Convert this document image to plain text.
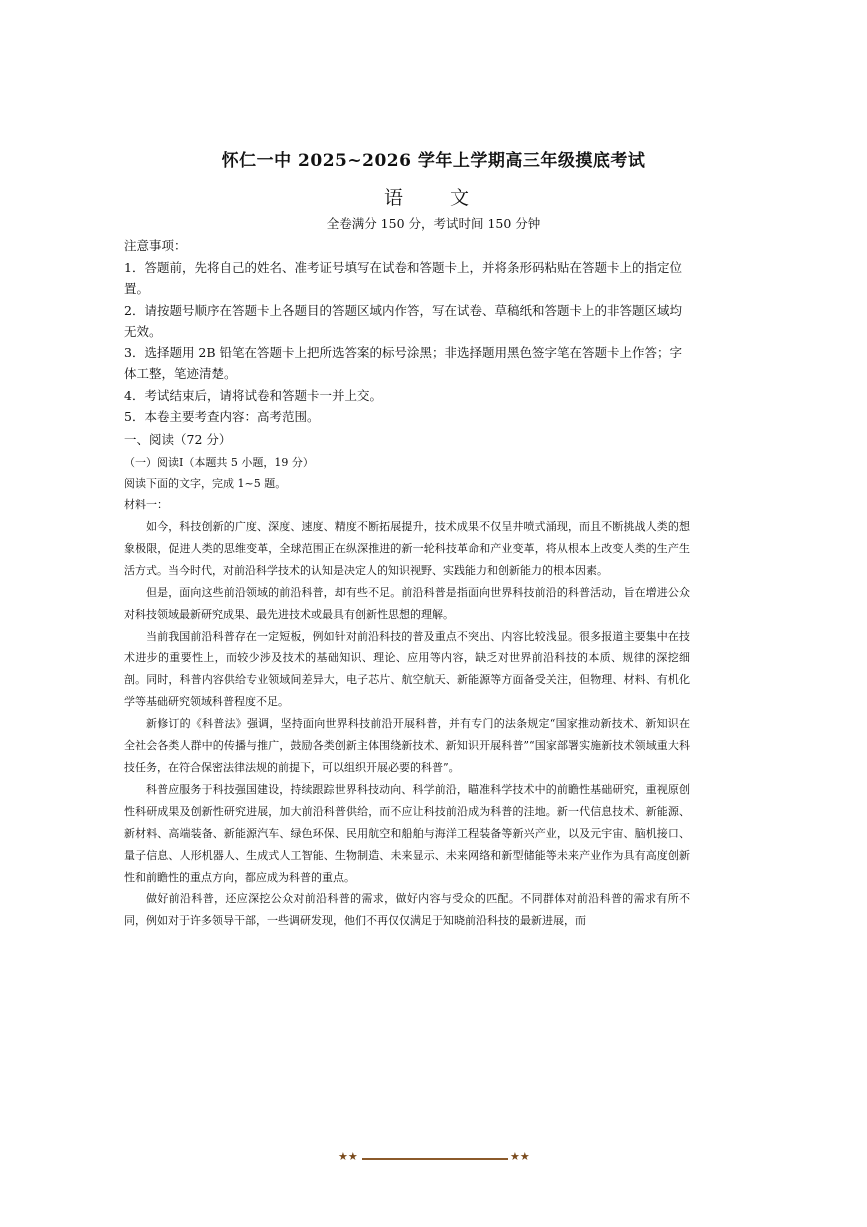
怀仁一中 2025~2026 学年上学期高三年级摸底考试
语　文
全卷满分 150 分，考试时间 150 分钟
注意事项：

1．答题前，先将自己的姓名、准考证号填写在试卷和答题卡上，并将条形码粘贴在答题卡上的指定位置。

2．请按题号顺序在答题卡上各题目的答题区域内作答，写在试卷、草稿纸和答题卡上的非答题区域均无效。

3．选择题用 2B 铅笔在答题卡上把所选答案的标号涂黑；非选择题用黑色签字笔在答题卡上作答；字体工整，笔迹清楚。

4．考试结束后，请将试卷和答题卡一并上交。

5．本卷主要考查内容：高考范围。

一、阅读（72 分）
（一）阅读Ⅰ（本题共 5 小题，19 分）
阅读下面的文字，完成 1~5 题。
材料一：

如今，科技创新的广度、深度、速度、精度不断拓展提升，技术成果不仅呈井喷式涌现，而且不断挑战人类的想象极限，促进人类的思维变革，全球范围正在纵深推进的新一轮科技革命和产业变革，将从根本上改变人类的生产生活方式。当今时代，对前沿科学技术的认知是决定人的知识视野、实践能力和创新能力的根本因素。

但是，面向这些前沿领域的前沿科普，却有些不足。前沿科普是指面向世界科技前沿的科普活动，旨在增进公众对科技领域最新研究成果、最先进技术或最具有创新性思想的理解。

当前我国前沿科普存在一定短板，例如针对前沿科技的普及重点不突出、内容比较浅显。很多报道主要集中在技术进步的重要性上，而较少涉及技术的基础知识、理论、应用等内容，缺乏对世界前沿科技的本质、规律的深挖细剖。同时，科普内容供给专业领域间差异大，电子芯片、航空航天、新能源等方面备受关注，但物理、材料、有机化学等基础研究领域科普程度不足。

新修订的《科普法》强调，坚持面向世界科技前沿开展科普，并有专门的法条规定“国家推动新技术、新知识在全社会各类人群中的传播与推广，鼓励各类创新主体围绕新技术、新知识开展科普”“国家部署实施新技术领域重大科技任务，在符合保密法律法规的前提下，可以组织开展必要的科普”。

科普应服务于科技强国建设，持续跟踪世界科技动向、科学前沿，瞄准科学技术中的前瞻性基础研究，重视原创性科研成果及创新性研究进展，加大前沿科普供给，而不应让科技前沿成为科普的洼地。新一代信息技术、新能源、新材料、高端装备、新能源汽车、绿色环保、民用航空和船舶与海洋工程装备等新兴产业，以及元宇宙、脑机接口、量子信息、人形机器人、生成式人工智能、生物制造、未来显示、未来网络和新型储能等未来产业作为具有高度创新性和前瞻性的重点方向，都应成为科普的重点。

做好前沿科普，还应深挖公众对前沿科普的需求，做好内容与受众的匹配。不同群体对前沿科普的需求有所不同，例如对于许多领导干部，一些调研发现，他们不再仅仅满足于知晓前沿科技的最新进展，而

★★	★★
